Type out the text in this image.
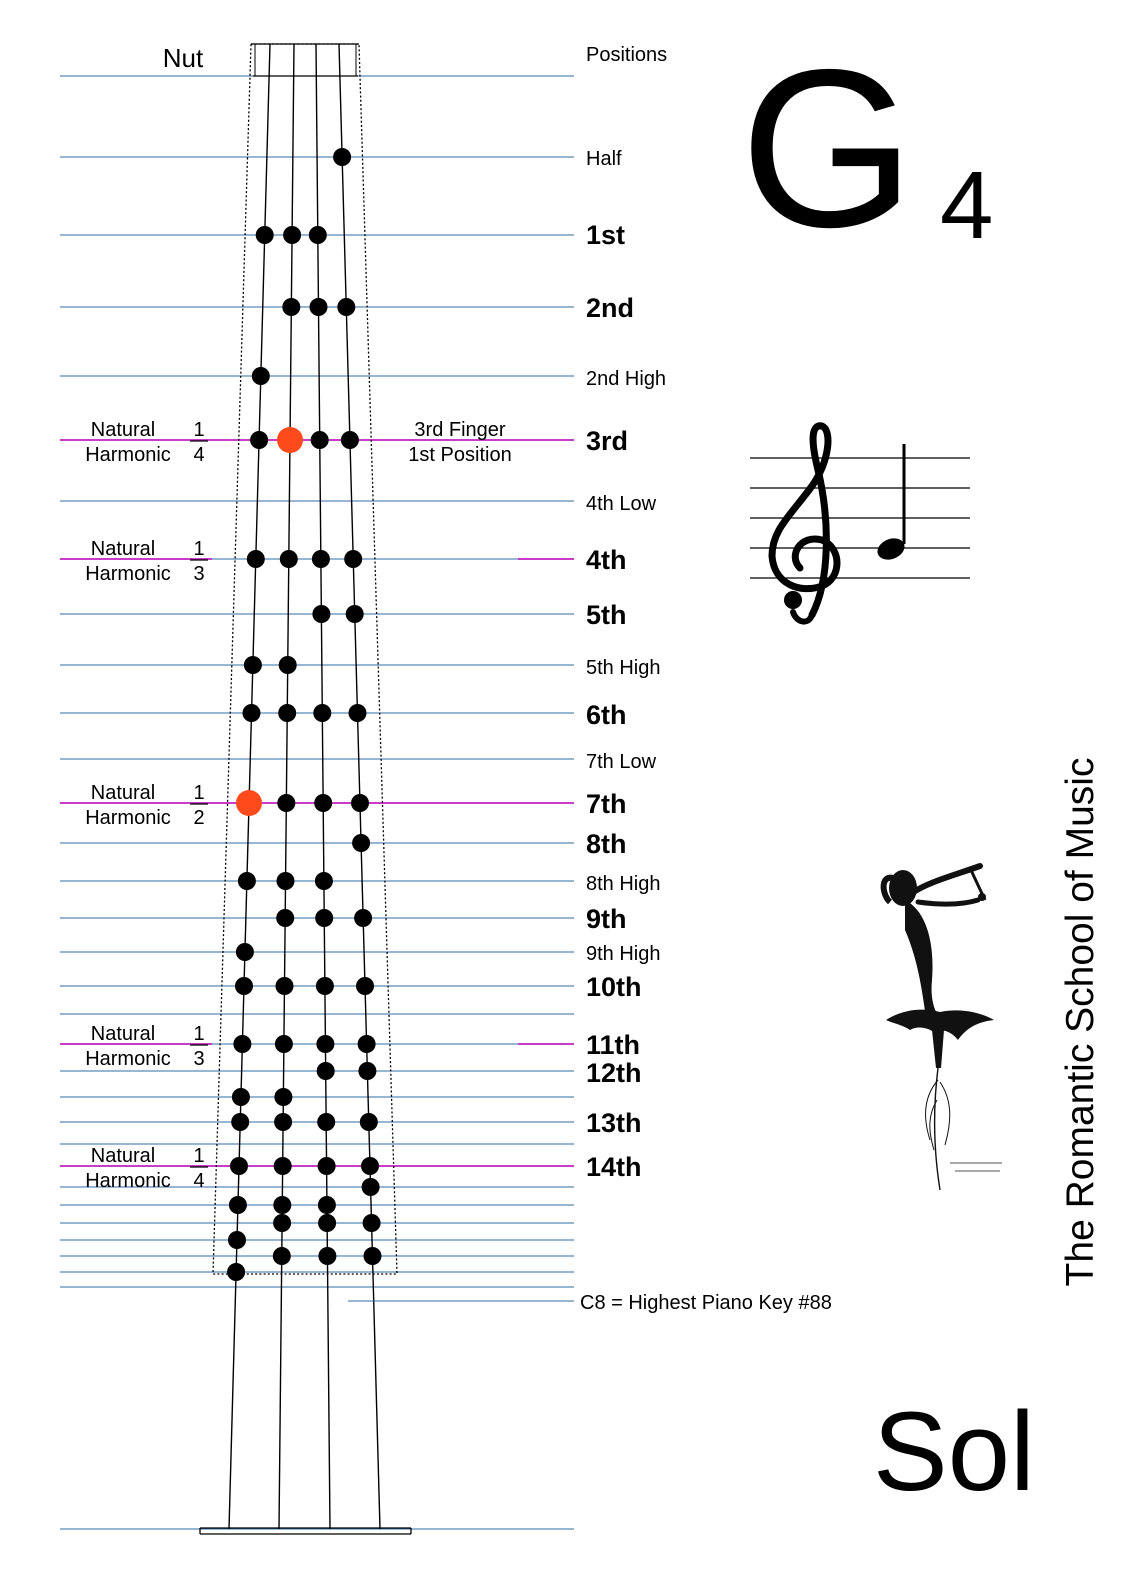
Nut	Positions
Half
1st
2nd
2nd High
3rd
4th Low
4th
5th
5th High
6th
7th Low
7th
8th
8th High
9th
9th High
10th
11th
12th
13th
14th
Natural
Harmonic
1
4
Natural
Harmonic
1
3
Natural
Harmonic
1
2
Natural
Harmonic
1
3
Natural
Harmonic
1
4
3rd Finger
1st Position
C8 = Highest Piano Key #88
G 4
The Romantic School of Music
Sol
